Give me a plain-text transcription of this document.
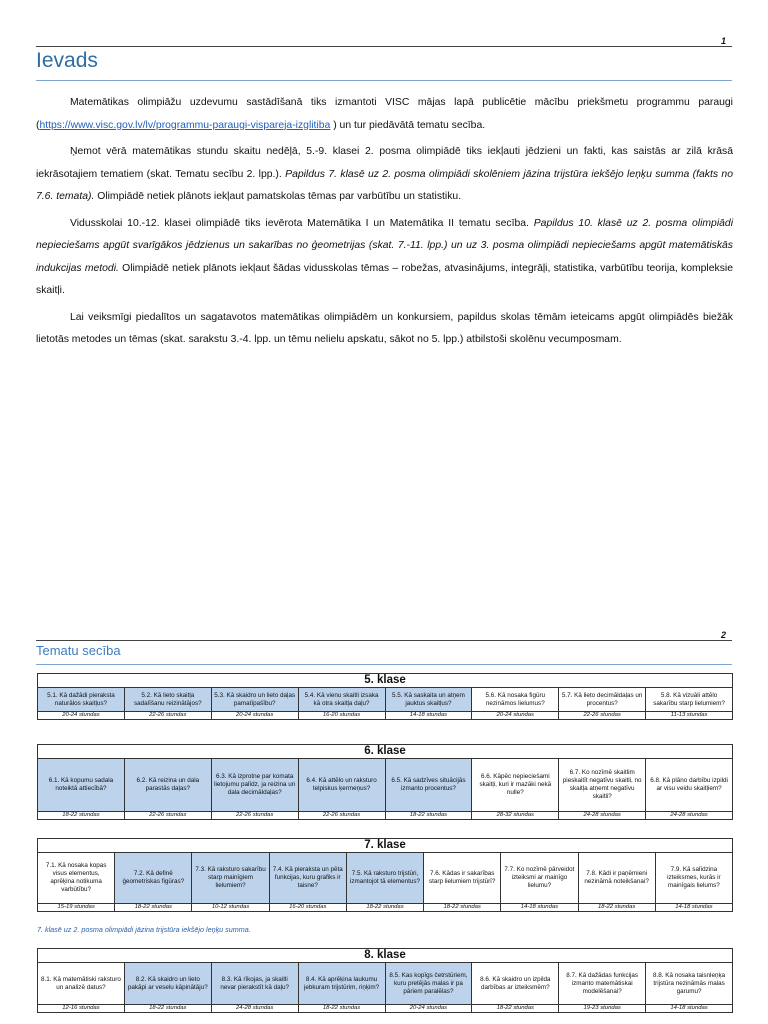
1
Ievads

Matemātikas olimpiāžu uzdevumu sastādīšanā tiks izmantoti VISC mājas lapā publicētie mācību priekšmetu programmu paraugi (https://www.visc.gov.lv/lv/programmu-paraugi-vispareja-izglitiba ) un tur piedāvātā tematu secība.

Ņemot vērā matemātikas stundu skaitu nedēļā, 5.-9. klasei 2. posma olimpiādē tiks iekļauti jēdzieni un fakti, kas saistās ar zilā krāsā iekrāsotajiem tematiem (skat. Tematu secību 2. lpp.). Papildus 7. klasē uz 2. posma olimpiādi skolēniem jāzina trijstūra iekšējo leņķu summa (fakts no 7.6. temata). Olimpiādē netiek plānots iekļaut pamatskolas tēmas par varbūtību un statistiku.

Vidusskolai 10.-12. klasei olimpiādē tiks ievērota Matemātika I un Matemātika II tematu secība. Papildus 10. klasē uz 2. posma olimpiādi nepieciešams apgūt svarīgākos jēdzienus un sakarības no ģeometrijas (skat. 7.-11. lpp.) un uz 3. posma olimpiādi nepieciešams apgūt matemātiskās indukcijas metodi. Olimpiādē netiek plānots iekļaut šādas vidusskolas tēmas – robežas, atvasinājums, integrāļi, statistika, varbūtību teorija, kompleksie skaitļi.

Lai veiksmīgi piedalītos un sagatavotos matemātikas olimpiādēm un konkursiem, papildus skolas tēmām ieteicams apgūt olimpiādēs biežāk lietotās metodes un tēmas (skat. sarakstu 3.-4. lpp. un tēmu nelielu apskatu, sākot no 5. lpp.) atbilstoši skolēnu vecumposmam.

2
Tematu secība
5. klase							
5.1. Kā dažādi pieraksta naturālos skaitļus?	5.2. Kā lieto skaitļa sadalīšanu reizinātājos?	5.3. Kā skaidro un lieto daļas pamatīpašību?	5.4. Kā vienu skaitli izsaka kā otra skaitļa daļu?	5.5. Kā saskaita un atņem jauktus skaitļus?	5.6. Kā nosaka figūru nezināmos lielumus?	5.7. Kā lieto decimāldaļas un procentus?	5.8. Kā vizuāli attēlo sakarību starp lielumiem?
20-24 stundas	22-26 stundas	20-24 stundas	16-20 stundas	14-18 stundas	20-24 stundas	22-26 stundas	11-13 stundas
6. klase							
6.1. Kā kopumu sadala noteiktā attiecībā?	6.2. Kā reizina un dala parastās daļas?	6.3. Kā izprotne par komata lietojumu palīdz, ja reizina un dala decimāldaļas?	6.4. Kā attēlo un raksturo telpiskus ķermeņus?	6.5. Kā sadzīves situācijās izmanto procentus?	6.6. Kāpēc nepieciešami skaitļi, kuri ir mazāki nekā nulle?	6.7. Ko nozīmē skaitlim pieskaitīt negatīvu skaitli, no skaitļa atņemt negatīvu skaitli?	6.8. Kā plāno darbību izpildi ar visu veidu skaitļiem?
18-22 stundas	22-26 stundas	22-26 stundas	22-26 stundas	18-22 stundas	28-32 stundas	24-28 stundas	24-28 stundas
7. klase								
7.1. Kā nosaka kopas visus elementus, aprēķina notikuma varbūtību?	7.2. Kā definē ģeometriskas figūras?	7.3. Kā raksturo sakarību starp mainīgiem lielumiem?	7.4. Kā pieraksta un pēta funkcijas, kuru grafiks ir taisne?	7.5. Kā raksturo trijstūri, izmantojot tā elementus?	7.6. Kādas ir sakarības starp lielumiem trijstūrī?	7.7. Ko nozīmē pārveidot izteiksmi ar mainīgo lielumu?	7.8. Kādi ir paņēmieni nezināmā noteikšanai?	7.9. Kā salīdzina izteiksmes, kurās ir mainīgais lielums?
15-19 stundas	18-22 stundas	10-12 stundas	16-20 stundas	18-22 stundas	18-22 stundas	14-18 stundas	18-22 stundas	14-18 stundas
8. klase							
8.1. Kā matemātiski raksturo un analizē datus?	8.2. Kā skaidro un lieto pakāpi ar veselu kāpinātāju?	8.3. Kā rīkojas, ja skaitli nevar pierakstīt kā daļu?	8.4. Kā aprēķina laukumu jebkuram trijstūrim, riņķim?	8.5. Kas kopīgs četrstūriem, kuru pretējās malas ir pa pāriem paralēlas?	8.6. Kā skaidro un izpilda darbības ar izteiksmēm?	8.7. Kā dažādas funkcijas izmanto matemātiskai modelēšanai?	8.8. Kā nosaka taisnleņķa trijstūra nezināmās malas garumu?
12-16 stundas	18-22 stundas	24-28 stundas	18-22 stundas	20-24 stundas	18-22 stundas	19-23 stundas	14-18 stundas
7. klasē uz 2. posma olimpiādi jāzina trijstūra iekšējo leņķu summa.
